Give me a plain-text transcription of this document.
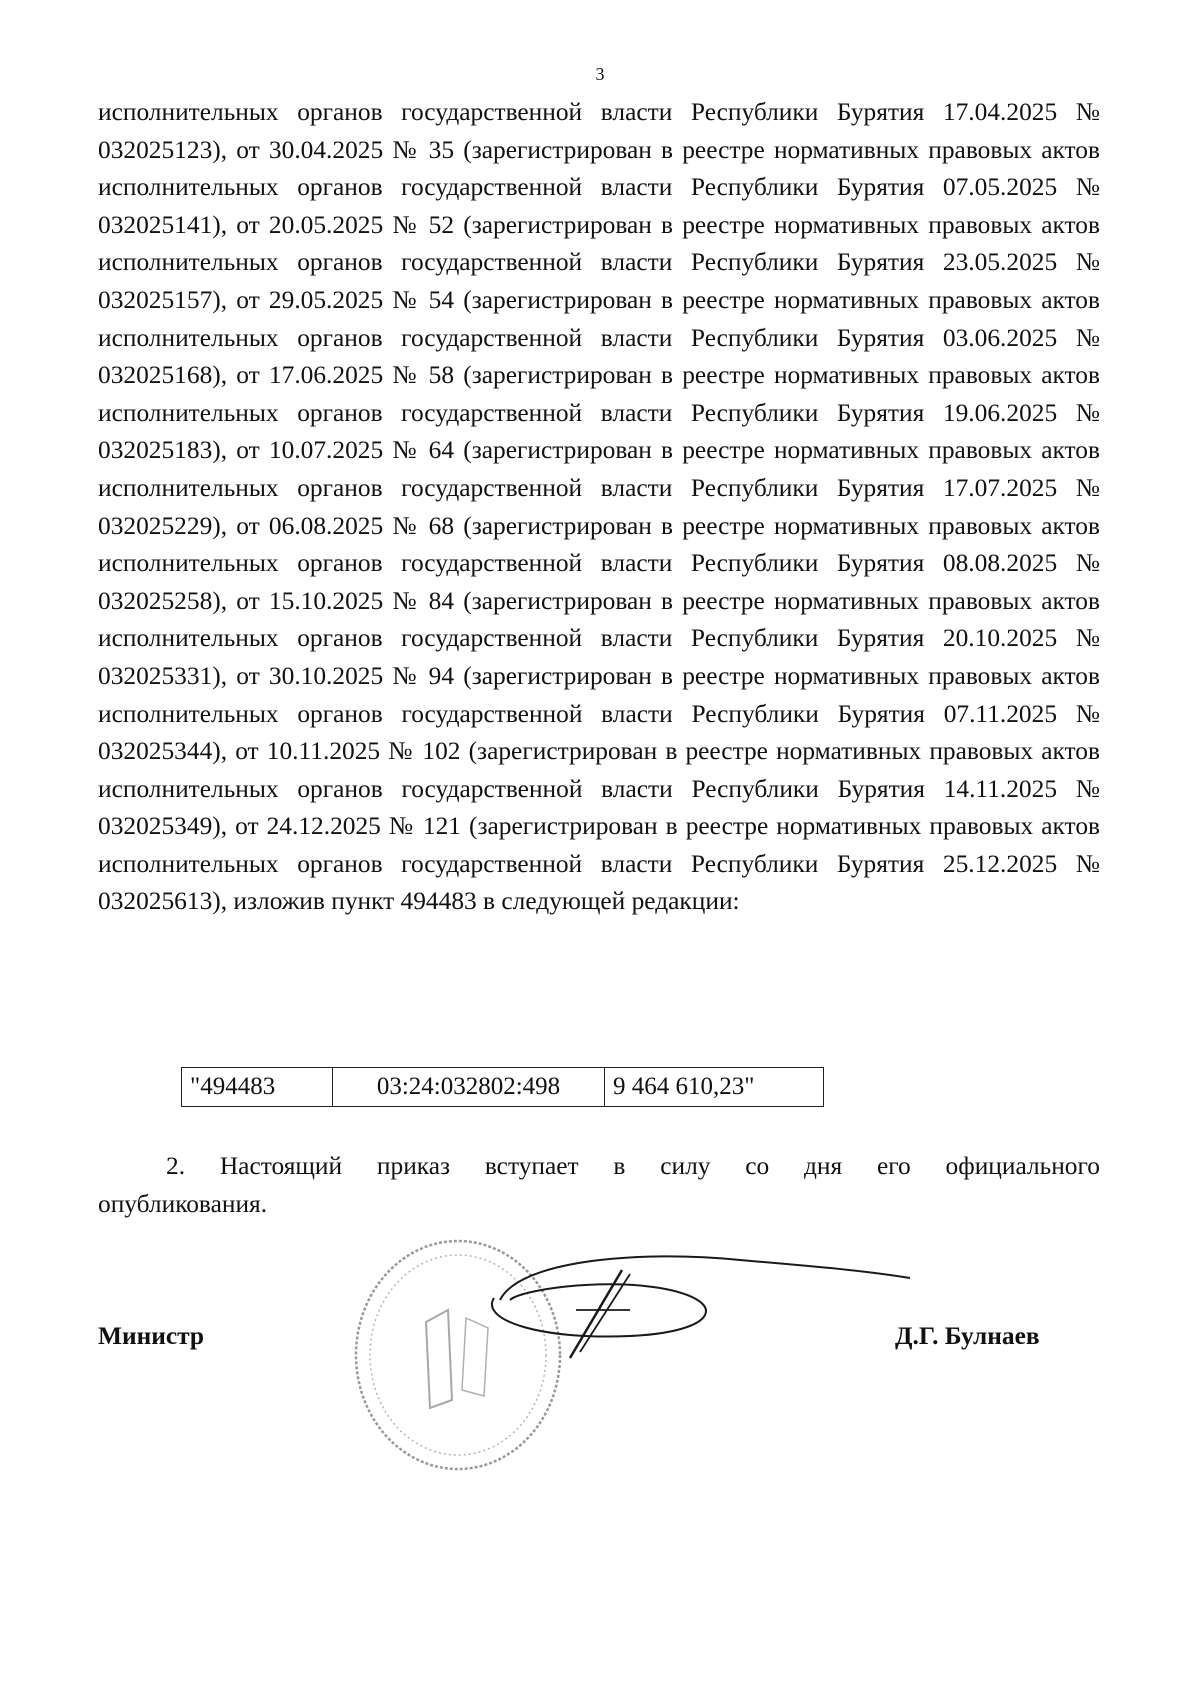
3

исполнительных органов государственной власти Республики Бурятия 17.04.2025 № 032025123), от 30.04.2025 № 35 (зарегистрирован в реестре нормативных правовых актов исполнительных органов государственной власти Республики Бурятия 07.05.2025 № 032025141), от 20.05.2025 № 52 (зарегистрирован в реестре нормативных правовых актов исполнительных органов государственной власти Республики Бурятия 23.05.2025 № 032025157), от 29.05.2025 № 54 (зарегистрирован в реестре нормативных правовых актов исполнительных органов государственной власти Республики Бурятия 03.06.2025 № 032025168), от 17.06.2025 № 58 (зарегистрирован в реестре нормативных правовых актов исполнительных органов государственной власти Республики Бурятия 19.06.2025 № 032025183), от 10.07.2025 № 64 (зарегистрирован в реестре нормативных правовых актов исполнительных органов государственной власти Республики Бурятия 17.07.2025 № 032025229), от 06.08.2025 № 68 (зарегистрирован в реестре нормативных правовых актов исполнительных органов государственной власти Республики Бурятия 08.08.2025 № 032025258), от 15.10.2025 № 84 (зарегистрирован в реестре нормативных правовых актов исполнительных органов государственной власти Республики Бурятия 20.10.2025 № 032025331), от 30.10.2025 № 94 (зарегистрирован в реестре нормативных правовых актов исполнительных органов государственной власти Республики Бурятия 07.11.2025 № 032025344), от 10.11.2025 № 102 (зарегистрирован в реестре нормативных правовых актов исполнительных органов государственной власти Республики Бурятия 14.11.2025 № 032025349), от 24.12.2025 № 121 (зарегистрирован в реестре нормативных правовых актов исполнительных органов государственной власти Республики Бурятия 25.12.2025 № 032025613), изложив пункт 494483 в следующей редакции:

"494483	03:24:032802:498	9 464 610,23"
2. Настоящий приказ вступает в силу со дня его официального
опубликования.
Министр	Д.Г. Булнаев
